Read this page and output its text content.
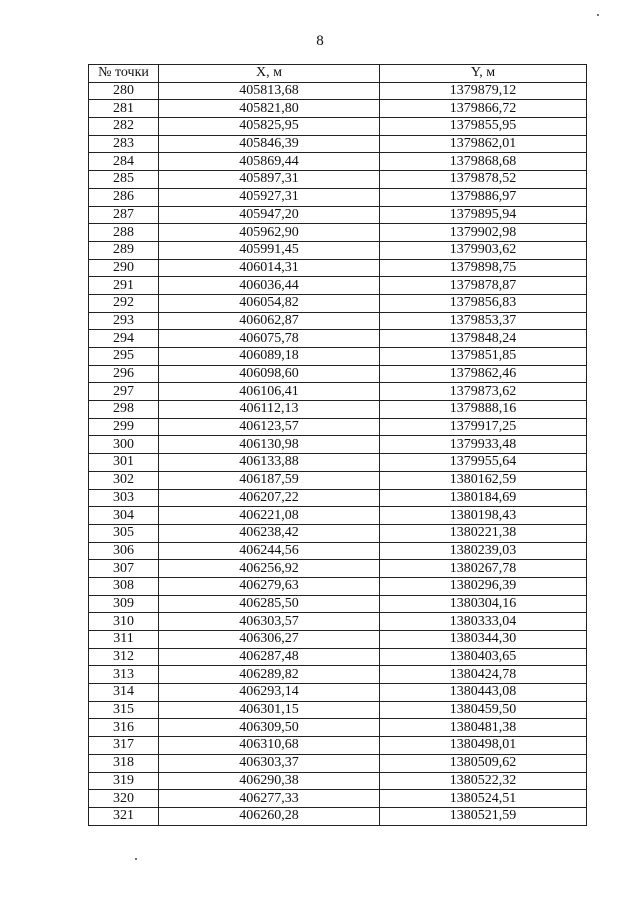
8
№ точки	X, м	Y, м
280	405813,68	1379879,12
281	405821,80	1379866,72
282	405825,95	1379855,95
283	405846,39	1379862,01
284	405869,44	1379868,68
285	405897,31	1379878,52
286	405927,31	1379886,97
287	405947,20	1379895,94
288	405962,90	1379902,98
289	405991,45	1379903,62
290	406014,31	1379898,75
291	406036,44	1379878,87
292	406054,82	1379856,83
293	406062,87	1379853,37
294	406075,78	1379848,24
295	406089,18	1379851,85
296	406098,60	1379862,46
297	406106,41	1379873,62
298	406112,13	1379888,16
299	406123,57	1379917,25
300	406130,98	1379933,48
301	406133,88	1379955,64
302	406187,59	1380162,59
303	406207,22	1380184,69
304	406221,08	1380198,43
305	406238,42	1380221,38
306	406244,56	1380239,03
307	406256,92	1380267,78
308	406279,63	1380296,39
309	406285,50	1380304,16
310	406303,57	1380333,04
311	406306,27	1380344,30
312	406287,48	1380403,65
313	406289,82	1380424,78
314	406293,14	1380443,08
315	406301,15	1380459,50
316	406309,50	1380481,38
317	406310,68	1380498,01
318	406303,37	1380509,62
319	406290,38	1380522,32
320	406277,33	1380524,51
321	406260,28	1380521,59
